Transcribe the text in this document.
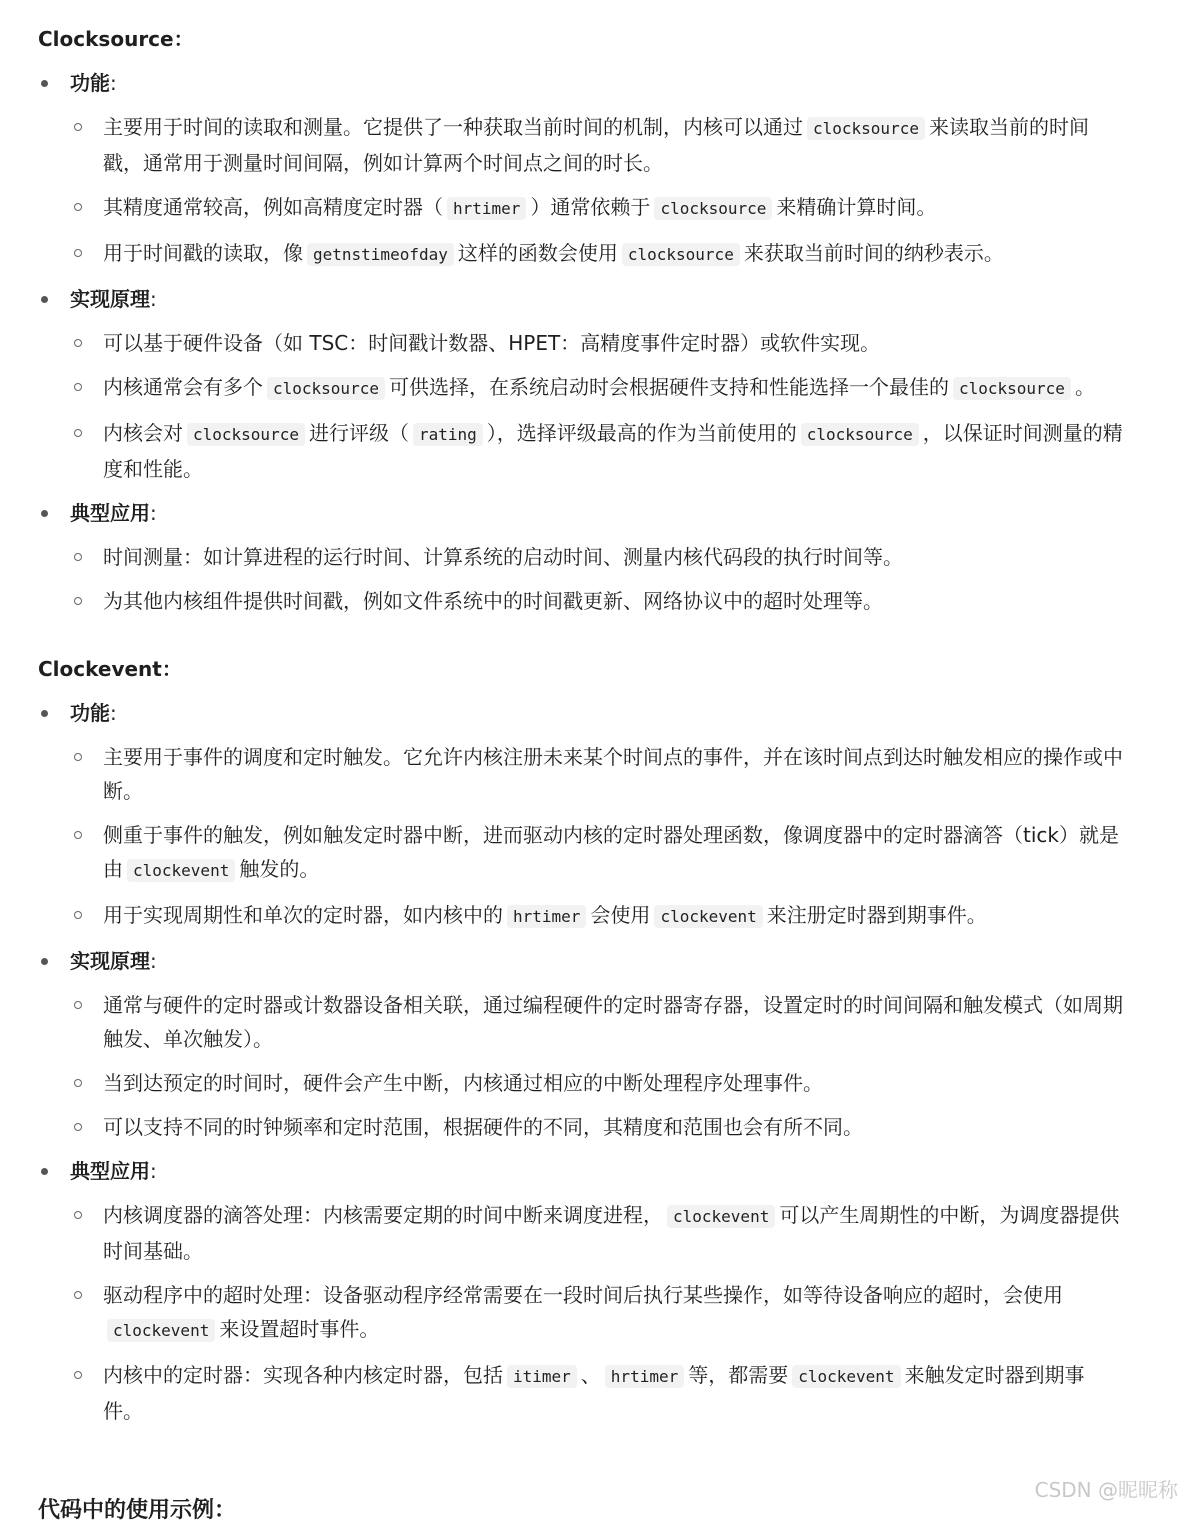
Clocksource：
功能:
主要用于时间的读取和测量。它提供了一种获取当前时间的机制，内核可以通过 clocksource 来读取当前的时间戳，通常用于测量时间间隔，例如计算两个时间点之间的时长。
其精度通常较高，例如高精度定时器（ hrtimer ）通常依赖于 clocksource 来精确计算时间。
用于时间戳的读取，像 getnstimeofday 这样的函数会使用 clocksource 来获取当前时间的纳秒表示。
实现原理:
可以基于硬件设备（如 TSC：时间戳计数器、HPET：高精度事件定时器）或软件实现。
内核通常会有多个 clocksource 可供选择，在系统启动时会根据硬件支持和性能选择一个最佳的 clocksource 。
内核会对 clocksource 进行评级（ rating ），选择评级最高的作为当前使用的 clocksource ，以保证时间测量的精度和性能。
典型应用:
时间测量：如计算进程的运行时间、计算系统的启动时间、测量内核代码段的执行时间等。
为其他内核组件提供时间戳，例如文件系统中的时间戳更新、网络协议中的超时处理等。
Clockevent：
功能:
主要用于事件的调度和定时触发。它允许内核注册未来某个时间点的事件，并在该时间点到达时触发相应的操作或中断。
侧重于事件的触发，例如触发定时器中断，进而驱动内核的定时器处理函数，像调度器中的定时器滴答（tick）就是由 clockevent 触发的。
用于实现周期性和单次的定时器，如内核中的 hrtimer 会使用 clockevent 来注册定时器到期事件。
实现原理:
通常与硬件的定时器或计数器设备相关联，通过编程硬件的定时器寄存器，设置定时的时间间隔和触发模式（如周期触发、单次触发）。
当到达预定的时间时，硬件会产生中断，内核通过相应的中断处理程序处理事件。
可以支持不同的时钟频率和定时范围，根据硬件的不同，其精度和范围也会有所不同。
典型应用:
内核调度器的滴答处理：内核需要定期的时间中断来调度进程， clockevent 可以产生周期性的中断，为调度器提供时间基础。
驱动程序中的超时处理：设备驱动程序经常需要在一段时间后执行某些操作，如等待设备响应的超时，会使用clockevent 来设置超时事件。
内核中的定时器：实现各种内核定时器，包括 itimer 、 hrtimer 等，都需要 clockevent 来触发定时器到期事件。
代码中的使用示例：
CSDN @昵昵称
